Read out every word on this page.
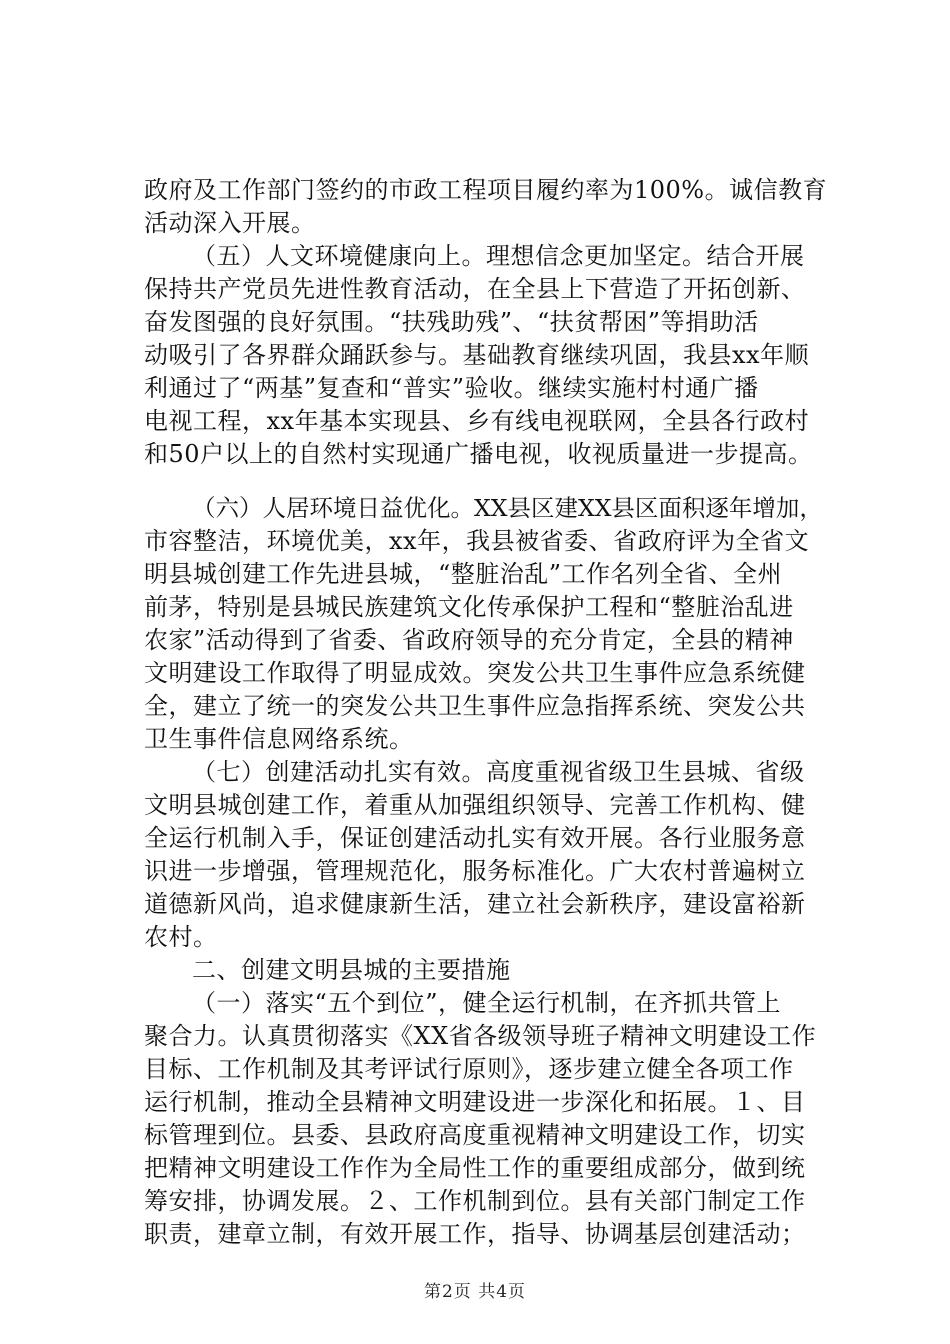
政府及工作部门签约的市政工程项目履约率为100%。诚信教育
活动深入开展。
（五）人文环境健康向上。理想信念更加坚定。结合开展
保持共产党员先进性教育活动，在全县上下营造了开拓创新、
奋发图强的良好氛围。“扶残助残”、“扶贫帮困”等捐助活
动吸引了各界群众踊跃参与。基础教育继续巩固，我县xx年顺
利通过了“两基”复查和“普实”验收。继续实施村村通广播
电视工程，xx年基本实现县、乡有线电视联网，全县各行政村
和50户以上的自然村实现通广播电视，收视质量进一步提高。
（六）人居环境日益优化。XX县区建XX县区面积逐年增加，
市容整洁，环境优美，xx年，我县被省委、省政府评为全省文
明县城创建工作先进县城，“整脏治乱”工作名列全省、全州
前茅，特别是县城民族建筑文化传承保护工程和“整脏治乱进
农家”活动得到了省委、省政府领导的充分肯定，全县的精神
文明建设工作取得了明显成效。突发公共卫生事件应急系统健
全，建立了统一的突发公共卫生事件应急指挥系统、突发公共
卫生事件信息网络系统。
（七）创建活动扎实有效。高度重视省级卫生县城、省级
文明县城创建工作，着重从加强组织领导、完善工作机构、健
全运行机制入手，保证创建活动扎实有效开展。各行业服务意
识进一步增强，管理规范化，服务标准化。广大农村普遍树立
道德新风尚，追求健康新生活，建立社会新秩序，建设富裕新
农村。
二、创建文明县城的主要措施
（一）落实“五个到位”，健全运行机制，在齐抓共管上
聚合力。认真贯彻落实《XX省各级领导班子精神文明建设工作
目标、工作机制及其考评试行原则》，逐步建立健全各项工作
运行机制，推动全县精神文明建设进一步深化和拓展。１、目
标管理到位。县委、县政府高度重视精神文明建设工作，切实
把精神文明建设工作作为全局性工作的重要组成部分，做到统
筹安排，协调发展。２、工作机制到位。县有关部门制定工作
职责，建章立制，有效开展工作，指导、协调基层创建活动；
第2页 共4页
